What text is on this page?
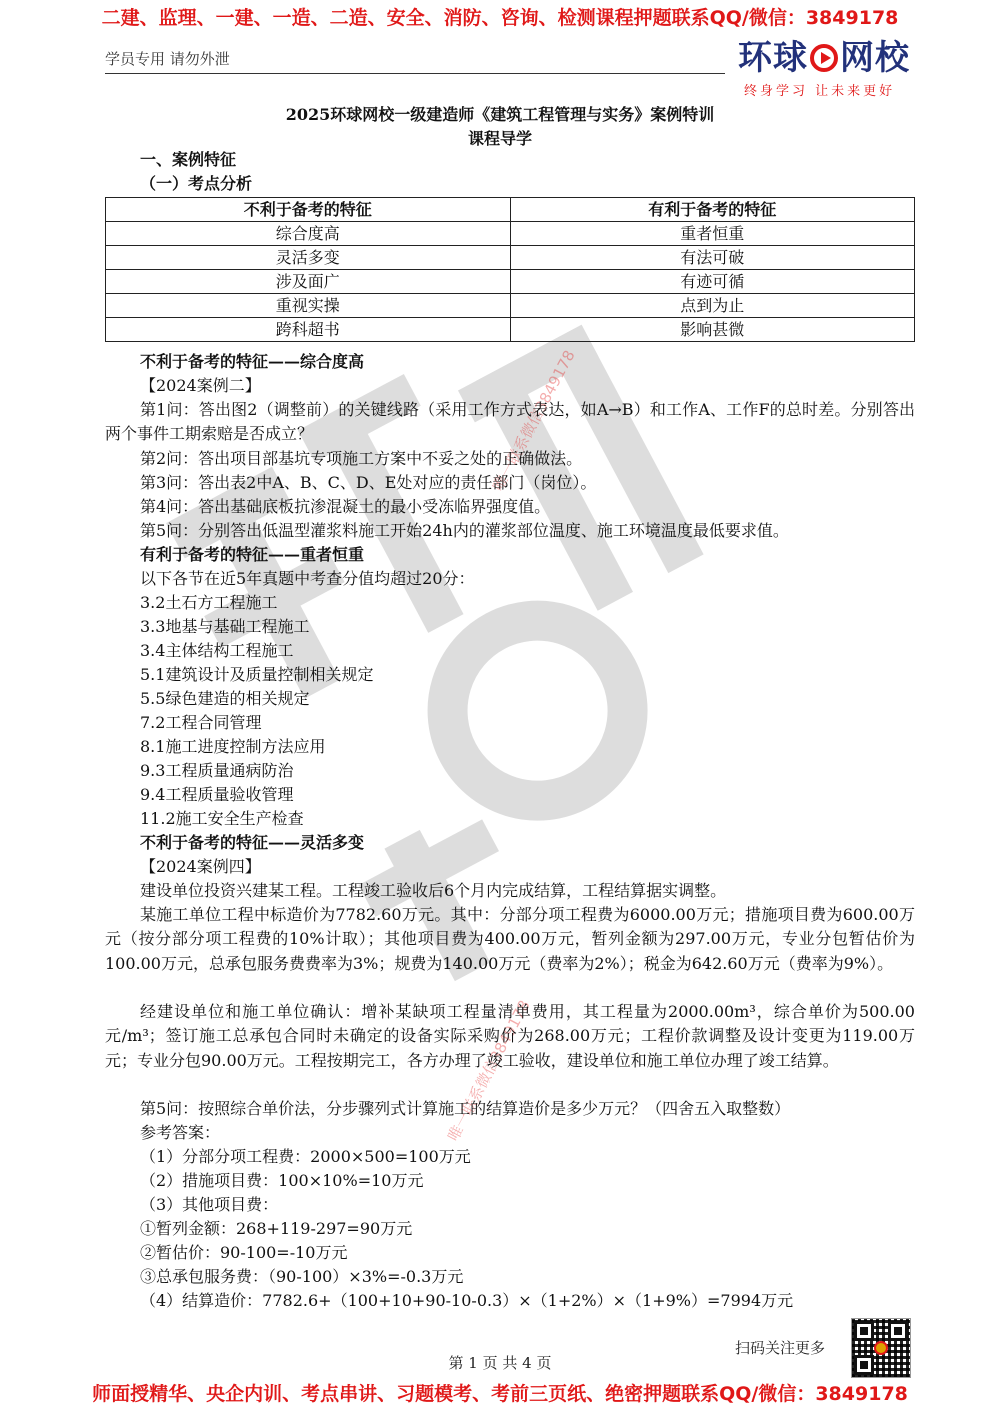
二建、监理、一建、一造、二造、安全、消防、咨询、检测课程押题联系QQ/微信：3849178
学员专用 请勿外泄	环球 网校
终身学习 让未来更好
唯一联系微信3849178
唯一联系微信3849178
2025环球网校一级建造师《建筑工程管理与实务》案例特训
课程导学
一、案例特征
（一）考点分析
不利于备考的特征	有利于备考的特征
综合度高	重者恒重
灵活多变	有法可破
涉及面广	有迹可循
重视实操	点到为止
跨科超书	影响甚微
不利于备考的特征——综合度高
【2024案例二】
第1问：答出图2（调整前）的关键线路（采用工作方式表达，如A→B）和工作A、工作F的总时差。分别答出两个事件工期索赔是否成立？
第2问：答出项目部基坑专项施工方案中不妥之处的正确做法。
第3问：答出表2中A、B、C、D、E处对应的责任部门（岗位）。
第4问：答出基础底板抗渗混凝土的最小受冻临界强度值。
第5问：分别答出低温型灌浆料施工开始24h内的灌浆部位温度、施工环境温度最低要求值。
有利于备考的特征——重者恒重
以下各节在近5年真题中考查分值均超过20分：
3.2土石方工程施工
3.3地基与基础工程施工
3.4主体结构工程施工
5.1建筑设计及质量控制相关规定
5.5绿色建造的相关规定
7.2工程合同管理
8.1施工进度控制方法应用
9.3工程质量通病防治
9.4工程质量验收管理
11.2施工安全生产检查
不利于备考的特征——灵活多变
【2024案例四】
建设单位投资兴建某工程。工程竣工验收后6个月内完成结算，工程结算据实调整。
某施工单位工程中标造价为7782.60万元。其中：分部分项工程费为6000.00万元；措施项目费为600.00万元（按分部分项工程费的10%计取）；其他项目费为400.00万元，暂列金额为297.00万元，专业分包暂估价为100.00万元，总承包服务费费率为3%；规费为140.00万元（费率为2%）；税金为642.60万元（费率为9%）。
经建设单位和施工单位确认：增补某缺项工程量清单费用，其工程量为2000.00m³，综合单价为500.00元/m³；签订施工总承包合同时未确定的设备实际采购价为268.00万元；工程价款调整及设计变更为119.00万元；专业分包90.00万元。工程按期完工，各方办理了竣工验收，建设单位和施工单位办理了竣工结算。
第5问：按照综合单价法，分步骤列式计算施工的结算造价是多少万元？（四舍五入取整数）
参考答案：
（1）分部分项工程费：2000×500=100万元
（2）措施项目费：100×10%=10万元
（3）其他项目费：
①暂列金额：268+119-297=90万元
②暂估价：90-100=-10万元
③总承包服务费：（90-100）×3%=-0.3万元
（4）结算造价：7782.6+（100+10+90-10-0.3）×（1+2%）×（1+9%）=7994万元
扫码关注更多
第 1 页 共 4 页
师面授精华、央企内训、考点串讲、习题模考、考前三页纸、绝密押题联系QQ/微信：3849178
